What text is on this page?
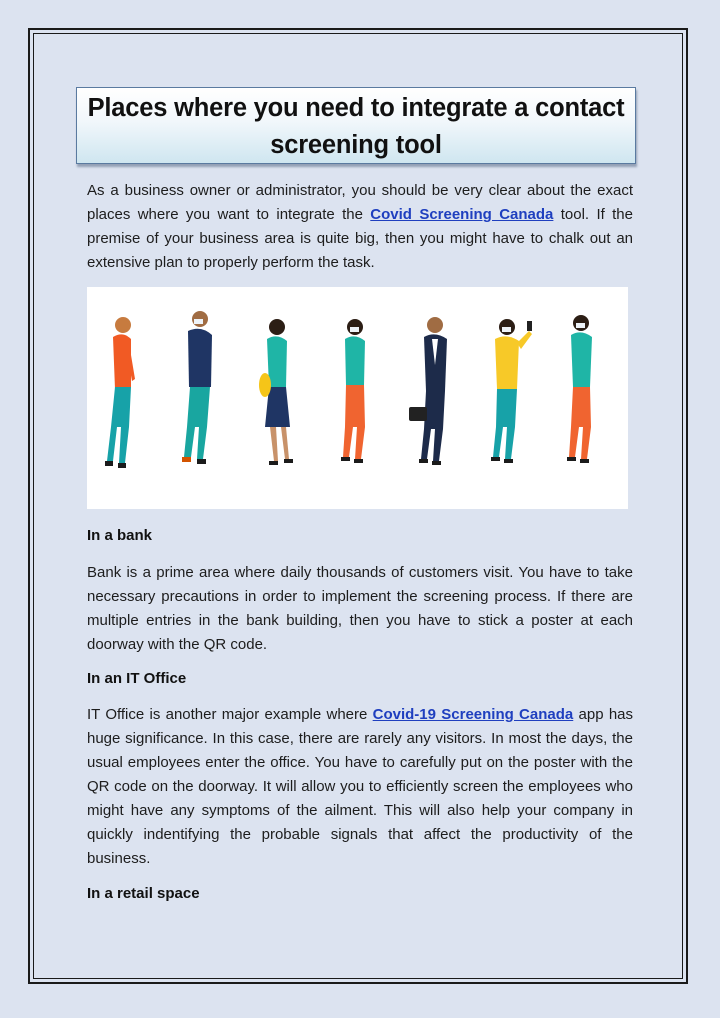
Places where you need to integrate a contact screening tool

As a business owner or administrator, you should be very clear about the exact places where you want to integrate the Covid Screening Canada tool. If the premise of your business area is quite big, then you might have to chalk out an extensive plan to properly perform the task.

In a bank

Bank is a prime area where daily thousands of customers visit. You have to take necessary precautions in order to implement the screening process. If there are multiple entries in the bank building, then you have to stick a poster at each doorway with the QR code.

In an IT Office

IT Office is another major example where Covid-19 Screening Canada app has huge significance. In this case, there are rarely any visitors. In most the days, the usual employees enter the office. You have to carefully put on the poster with the QR code on the doorway. It will allow you to efficiently screen the employees who might have any symptoms of the ailment. This will also help your company in quickly indentifying the probable signals that affect the productivity of the business.

In a retail space
